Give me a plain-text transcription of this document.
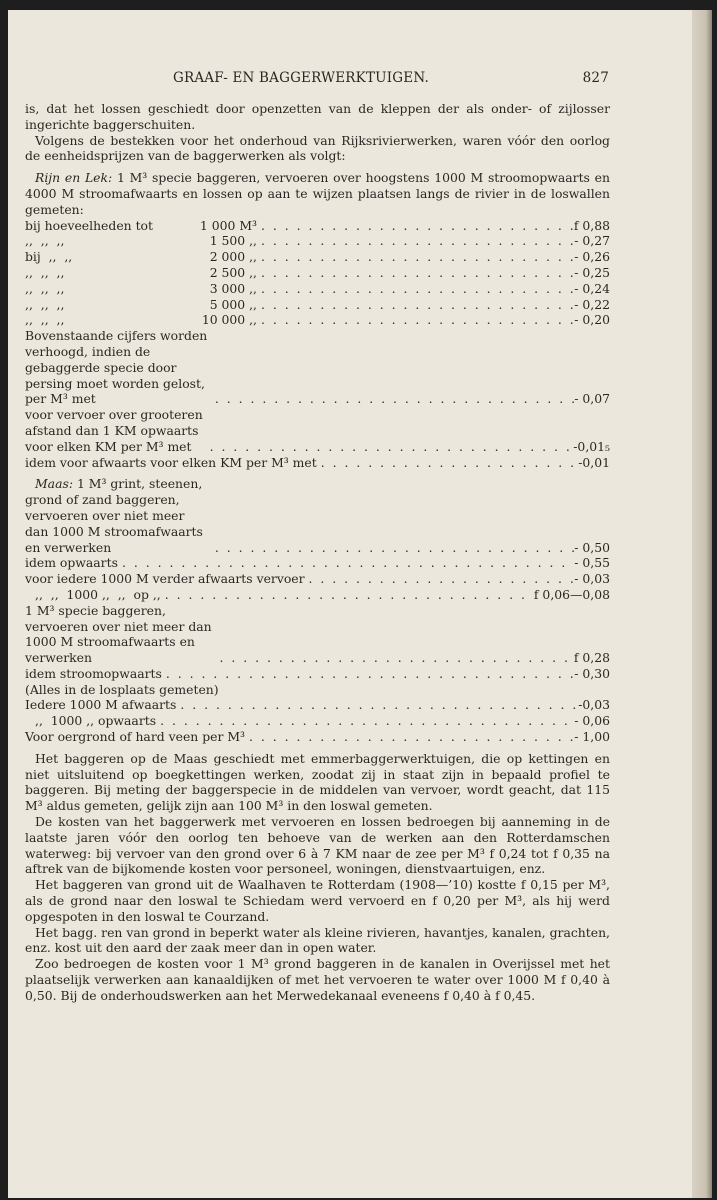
GRAAF- EN BAGGERWERKTUIGEN.	827

is, dat het lossen geschiedt door openzetten van de kleppen der als onder- of zijlosser ingerichte baggerschuiten.

Volgens de bestekken voor het onderhoud van Rijksrivierwerken, waren vóór den oorlog de eenheidsprijzen van de baggerwerken als volgt:

Rijn en Lek: 1 M³ specie baggeren, vervoeren over hoogstens 1000 M stroomopwaarts en 4000 M stroomafwaarts en lossen op aan te wijzen plaatsen langs de rivier in de loswallen gemeten:

bij hoeveelheden tot	1 000 M³ . . .	f 0,88
,,  ,,  ,,	1 500 ,, . . .	- 0,27
bij  ,,  ,,	2 000 ,, . . .	- 0,26
,,  ,,  ,,	2 500 ,, . . .	- 0,25
,,  ,,  ,,	3 000 ,, . . .	- 0,24
,,  ,,  ,,	5 000 ,, . . .	- 0,22
,,  ,,  ,,	10 000 ,, . . .	- 0,20
Bovenstaande cijfers worden verhoogd, indien de gebaggerde specie door persing moet worden gelost, per M³ met . . .	- 0,07
voor vervoer over grooteren afstand dan 1 KM opwaarts voor elken KM per M³ met . . .	-0,01₅
idem voor afwaarts voor elken KM per M³ met . . .	-0,01
Maas: 1 M³ grint, steenen, grond of zand baggeren, vervoeren over niet meer dan 1000 M stroomafwaarts en verwerken . . .	- 0,50
idem opwaarts . . .	- 0,55
voor iedere 1000 M verder afwaarts vervoer . . .	- 0,03
,,  ,,  1000 ,,  ,,  op ,, . . .	f 0,06—0,08
1 M³ specie baggeren, vervoeren over niet meer dan 1000 M stroomafwaarts en verwerken . . .	f 0,28
idem stroomopwaarts . . .	- 0,30

(Alles in de losplaats gemeten)

Iedere 1000 M afwaarts . . .	-0,03
,,  1000 ,, opwaarts . . .	- 0,06
Voor oergrond of hard veen per M³ . . .	- 1,00

Het baggeren op de Maas geschiedt met emmerbaggerwerktuigen, die op kettingen en niet uitsluitend op boegkettingen werken, zoodat zij in staat zijn in bepaald profiel te baggeren. Bij meting der baggerspecie in de middelen van vervoer, wordt geacht, dat 115 M³ aldus gemeten, gelijk zijn aan 100 M³ in den loswal gemeten.

De kosten van het baggerwerk met vervoeren en lossen bedroegen bij aanneming in de laatste jaren vóór den oorlog ten behoeve van de werken aan den Rotterdamschen waterweg: bij vervoer van den grond over 6 à 7 KM naar de zee per M³ f 0,24 tot f 0,35 na aftrek van de bijkomende kosten voor personeel, woningen, dienstvaartuigen, enz.

Het baggeren van grond uit de Waalhaven te Rotterdam (1908—’10) kostte f 0,15 per M³, als de grond naar den loswal te Schiedam werd vervoerd en f 0,20 per M³, als hij werd opgespoten in den loswal te Courzand.

Het bagg. ren van grond in beperkt water als kleine rivieren, havantjes, kanalen, grachten, enz. kost uit den aard der zaak meer dan in open water.

Zoo bedroegen de kosten voor 1 M³ grond baggeren in de kanalen in Overijssel met het plaatselijk verwerken aan kanaaldijken of met het vervoeren te water over 1000 M f 0,40 à 0,50. Bij de onderhoudswerken aan het Merwedekanaal eveneens f 0,40 à f 0,45.
